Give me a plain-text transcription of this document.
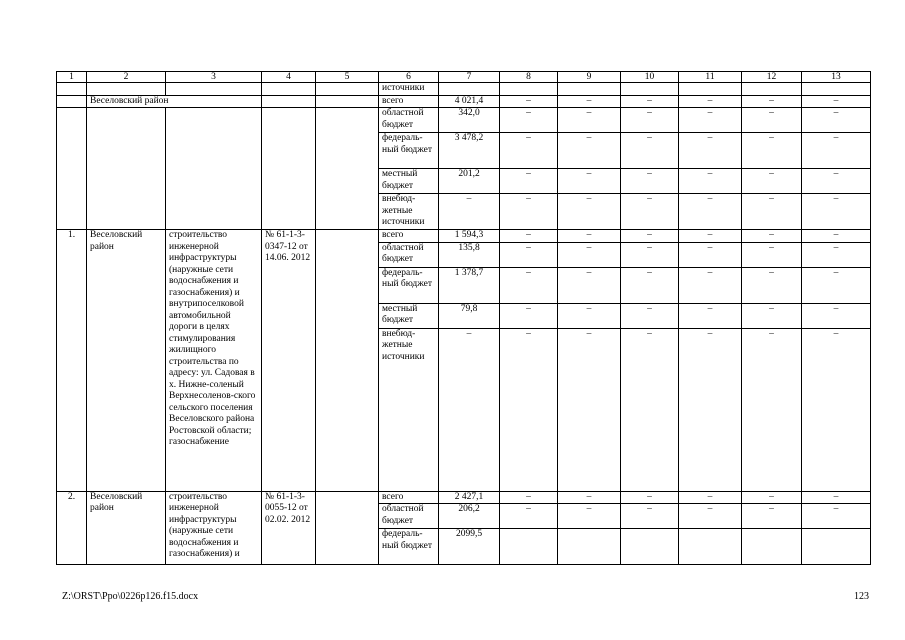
1	2	3	4	5	6	7	8	9	10	11	12	13
					источники							
	Веселовский район				всего	4 021,4	–	–	–	–	–	–
					областной бюджет	342,0	–	–	–	–	–	–
					федераль-ный бюджет	3 478,2	–	–	–	–	–	–
					местный бюджет	201,2	–	–	–	–	–	–
					внебюд-жетные источники	–	–	–	–	–	–	–
1.	Веселовский район	строительство инженерной инфраструктуры (наружные сети водоснабжения и газоснабжения) и внутрипоселковой автомобильной дороги в целях стимулирования жилищного строительства по адресу: ул. Садовая в х. Нижне-соленый Верхнесоленов-ского сельского поселения Веселовского района Ростовской области; газоснабжение	№ 61-1-3-0347-12 от 14.06. 2012		всего	1 594,3	–	–	–	–	–	–
					областной бюджет	135,8	–	–	–	–	–	–
					федераль-ный бюджет	1 378,7	–	–	–	–	–	–
					местный бюджет	79,8	–	–	–	–	–	–
					внебюд-жетные источники	–	–	–	–	–	–	–
2.	Веселовский район	строительство инженерной инфраструктуры (наружные сети водоснабжения и газоснабжения) и	№ 61-1-3-0055-12 от 02.02. 2012		всего	2 427,1	–	–	–	–	–	–
					областной бюджет	206,2	–	–	–	–	–	–
					федераль-ный бюджет	2099,5						
Z:\ORST\Ppo\0226p126.f15.docx	123
